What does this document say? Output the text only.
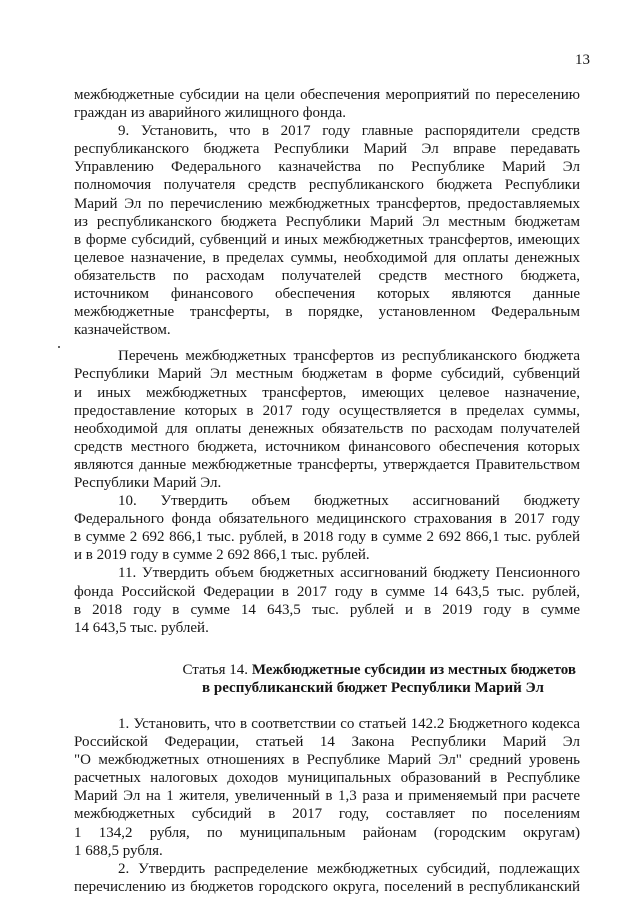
13
межбюджетные субсидии на цели обеспечения мероприятий по переселению
граждан из аварийного жилищного фонда.
9. Установить, что в 2017 году главные распорядители средств
республиканского бюджета Республики Марий Эл вправе передавать
Управлению Федерального казначейства по Республике Марий Эл
полномочия получателя средств республиканского бюджета Республики
Марий Эл по перечислению межбюджетных трансфертов, предоставляемых
из республиканского бюджета Республики Марий Эл местным бюджетам
в форме субсидий, субвенций и иных межбюджетных трансфертов, имеющих
целевое назначение, в пределах суммы, необходимой для оплаты денежных
обязательств по расходам получателей средств местного бюджета,
источником финансового обеспечения которых являются данные
межбюджетные трансферты, в порядке, установленном Федеральным
казначейством.
Перечень межбюджетных трансфертов из республиканского бюджета
Республики Марий Эл местным бюджетам в форме субсидий, субвенций
и иных межбюджетных трансфертов, имеющих целевое назначение,
предоставление которых в 2017 году осуществляется в пределах суммы,
необходимой для оплаты денежных обязательств по расходам получателей
средств местного бюджета, источником финансового обеспечения которых
являются данные межбюджетные трансферты, утверждается Правительством
Республики Марий Эл.
10. Утвердить объем бюджетных ассигнований бюджету
Федерального фонда обязательного медицинского страхования в 2017 году
в сумме 2 692 866,1 тыс. рублей, в 2018 году в сумме 2 692 866,1 тыс. рублей
и в 2019 году в сумме 2 692 866,1 тыс. рублей.
11. Утвердить объем бюджетных ассигнований бюджету Пенсионного
фонда Российской Федерации в 2017 году в сумме 14 643,5 тыс. рублей,
в 2018 году в сумме 14 643,5 тыс. рублей и в 2019 году в сумме
14 643,5 тыс. рублей.
Статья 14. Межбюджетные субсидии из местных бюджетов
в республиканский бюджет Республики Марий Эл
1. Установить, что в соответствии со статьей 142.2 Бюджетного кодекса
Российской Федерации, статьей 14 Закона Республики Марий Эл
"О межбюджетных отношениях в Республике Марий Эл" средний уровень
расчетных налоговых доходов муниципальных образований в Республике
Марий Эл на 1 жителя, увеличенный в 1,3 раза и применяемый при расчете
межбюджетных субсидий в 2017 году, составляет по поселениям
1 134,2 рубля, по муниципальным районам (городским округам)
1 688,5 рубля.
2. Утвердить распределение межбюджетных субсидий, подлежащих
перечислению из бюджетов городского округа, поселений в республиканский
